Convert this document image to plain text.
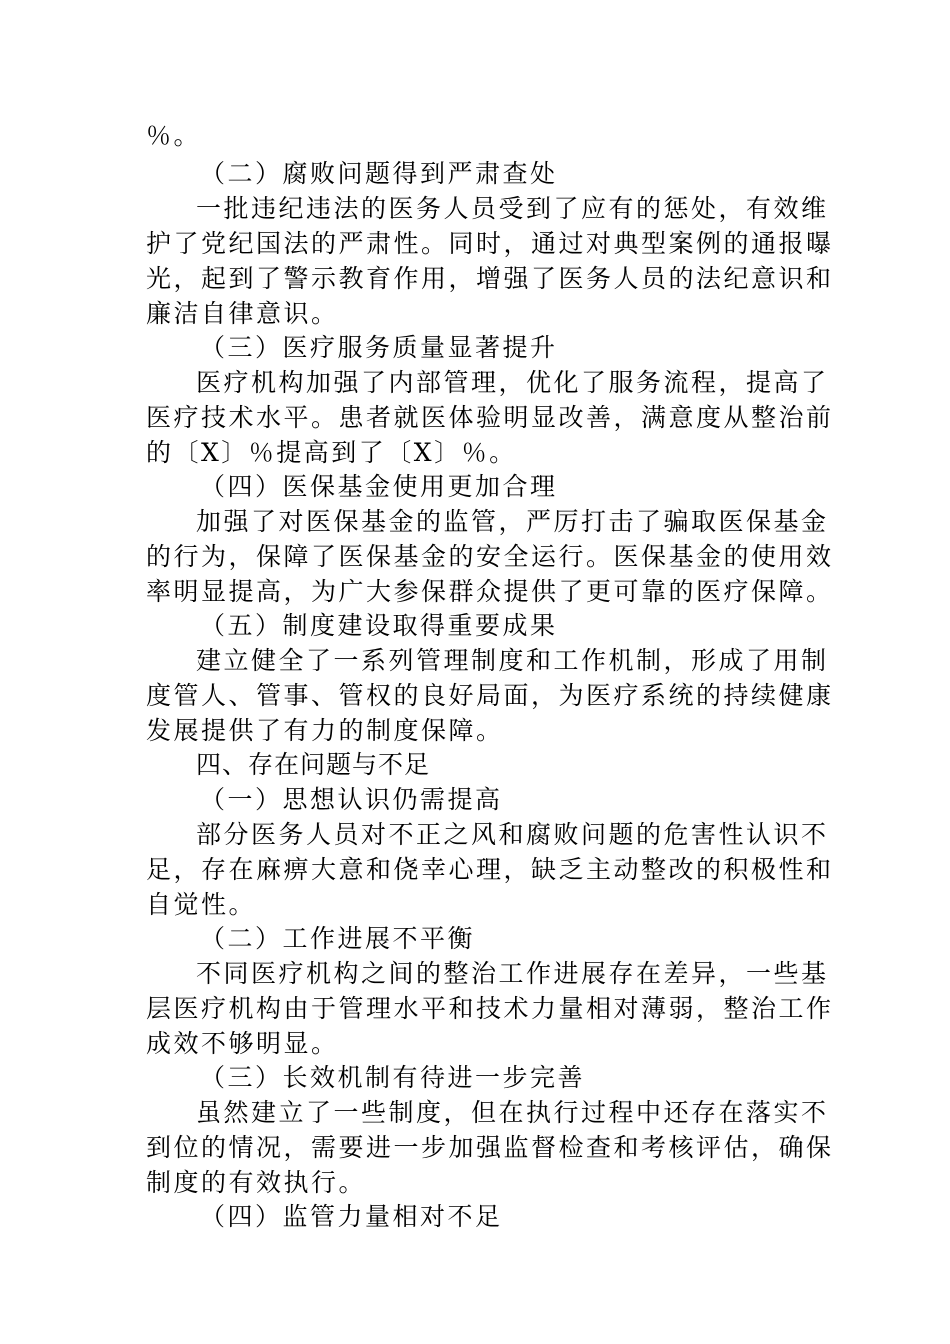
％。
（二）腐败问题得到严肃查处
一批违纪违法的医务人员受到了应有的惩处，有效维
护了党纪国法的严肃性。同时，通过对典型案例的通报曝
光，起到了警示教育作用，增强了医务人员的法纪意识和
廉洁自律意识。
（三）医疗服务质量显著提升
医疗机构加强了内部管理，优化了服务流程，提高了
医疗技术水平。患者就医体验明显改善，满意度从整治前
的〔X〕％提高到了〔X〕％。
（四）医保基金使用更加合理
加强了对医保基金的监管，严厉打击了骗取医保基金
的行为，保障了医保基金的安全运行。医保基金的使用效
率明显提高，为广大参保群众提供了更可靠的医疗保障。
（五）制度建设取得重要成果
建立健全了一系列管理制度和工作机制，形成了用制
度管人、管事、管权的良好局面，为医疗系统的持续健康
发展提供了有力的制度保障。
四、存在问题与不足
（一）思想认识仍需提高
部分医务人员对不正之风和腐败问题的危害性认识不
足，存在麻痹大意和侥幸心理，缺乏主动整改的积极性和
自觉性。
（二）工作进展不平衡
不同医疗机构之间的整治工作进展存在差异，一些基
层医疗机构由于管理水平和技术力量相对薄弱，整治工作
成效不够明显。
（三）长效机制有待进一步完善
虽然建立了一些制度，但在执行过程中还存在落实不
到位的情况，需要进一步加强监督检查和考核评估，确保
制度的有效执行。
（四）监管力量相对不足
